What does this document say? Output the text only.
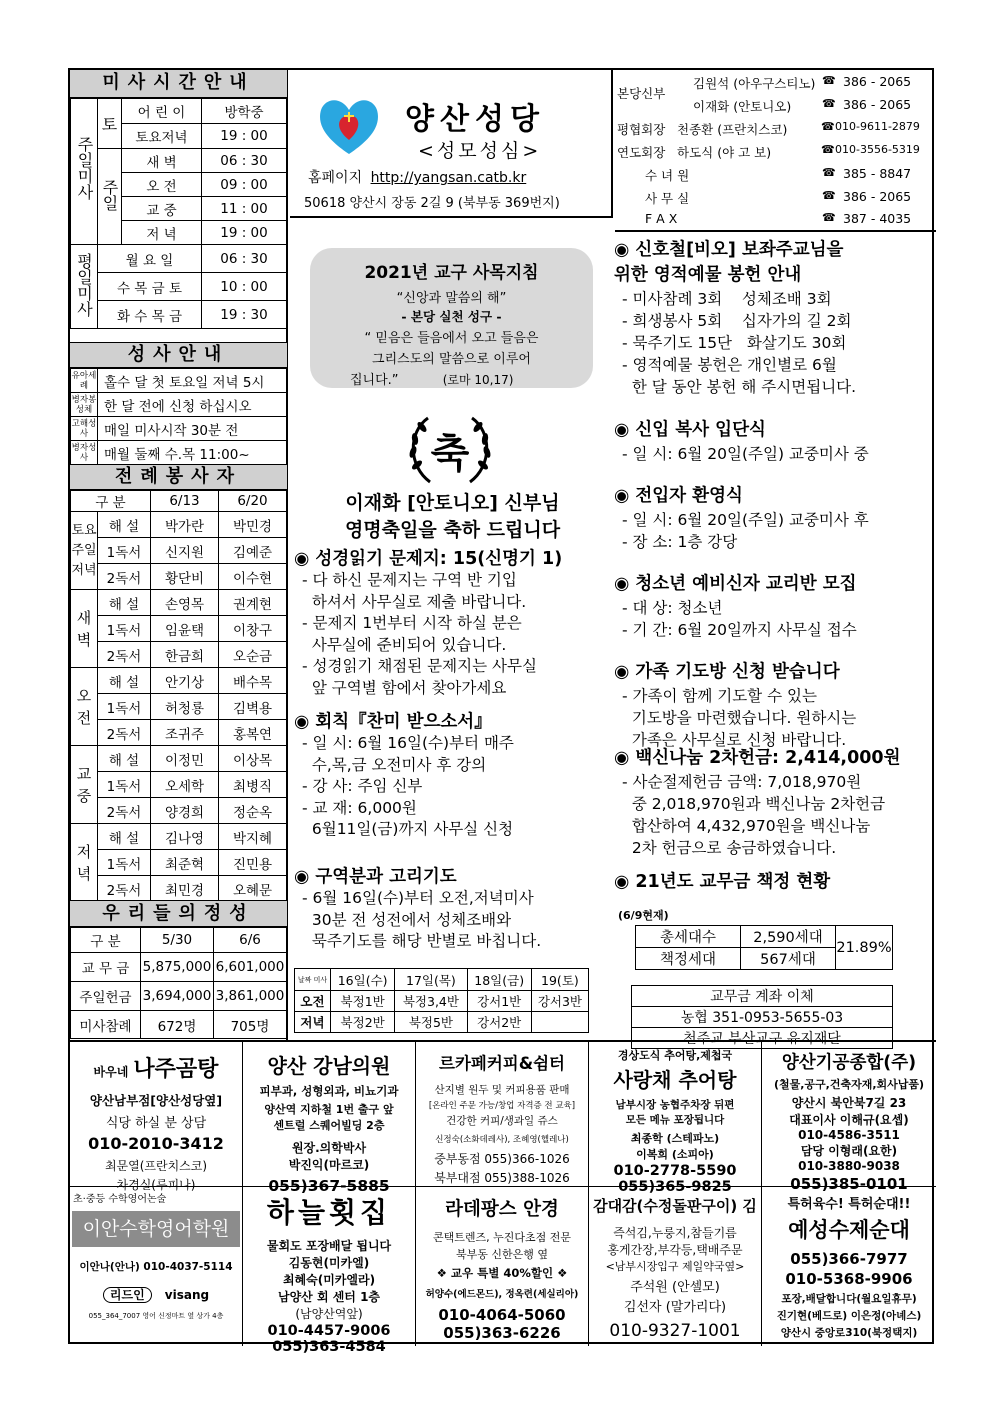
미사시간안내
주일미사	토	어 린 이	방학중
		토요저녁	19 : 00
	주일	새 벽	06 : 30
		오 전	09 : 00
		교 중	11 : 00
		저 녁	19 : 00
평일미사	월 요 일		06 : 30
	수 목 금 토		10 : 00
	화 수 목 금		19 : 30
성사안내
유아세례	홀수 달 첫 토요일 저녁 5시
병자봉성체	한 달 전에 신청 하십시오
고해성사	매일 미사시작 30분 전
병자성사	매월 둘째 수.목 11:00~
전례봉사자
구 분		6/13	6/20
토요주일저녁	해 설	박가란	박민경
	1독서	신지원	김예준
	2독서	황단비	이수현
새벽	해 설	손영목	권계현
	1독서	임윤택	이창구
	2독서	한금희	오순금
오전	해 설	안기상	배수목
	1독서	허청룡	김벽용
	2독서	조귀주	홍복연
교중	해 설	이정민	이상목
	1독서	오세학	최병직
	2독서	양경희	정순옥
저녁	해 설	김나영	박지혜
	1독서	최준혁	진민용
	2독서	최민경	오혜문
우리들의정성
구 분	5/30	6/6
교 무 금	5,875,000	6,601,000
주일헌금	3,694,000	3,861,000
미사참례	672명	705명
양산성당
<성모성심>
홈페이지 http://yangsan.catb.kr
50618 양산시 장동 2길 9 (북부동 369번지)
본당신부
김원석 (아우구스티노) ☎ 386 - 2065
이재화 (안토니오)	☎ 386 - 2065
평협회장 천종환 (프란치스코)	☎ 010-9611-2879
연도회장 하도식 (야 고 보)	☎ 010-3556-5319
수 녀 원	☎ 385 - 8847
사 무 실	☎ 386 - 2065
F A X	☎ 387 - 4035
2021년 교구 사목지침
“신앙과 말씀의 해”
- 본당 실천 성구 -
“ 믿음은 들음에서 오고 들음은
그리스도의 말씀으로 이루어
집니다.”	(로마 10,17)
축
이재화 [안토니오] 신부님
영명축일을 축하 드립니다
◉ 성경읽기 문제지: 15(신명기 1)
- 다 하신 문제지는 구역 반 기입
하셔서 사무실로 제출 바랍니다.
- 문제지 1번부터 시작 하실 분은
사무실에 준비되어 있습니다.
- 성경읽기 채점된 문제지는 사무실
앞 구역별 함에서 찾아가세요
◉ 회칙『찬미 받으소서』
- 일 시: 6월 16일(수)부터 매주
수,목,금 오전미사 후 강의
- 강 사: 주임 신부
- 교 재: 6,000원
6월11일(금)까지 사무실 신청
◉ 구역분과 고리기도
- 6월 16일(수)부터 오전,저녁미사
30분 전 성전에서 성체조배와
묵주기도를 해당 반별로 바칩니다.
날짜 미사	16일(수)	17일(목)	18일(금)	19(토)
오전	북정1반	북정3,4반	강서1반	강서3반
저녁	북정2반	북정5반	강서2반	
◉ 신호철[비오] 보좌주교님을
위한 영적예물 봉헌 안내
- 미사참례 3회    성체조배 3회
- 희생봉사 5회    십자가의 길 2회
- 묵주기도 15단   화살기도 30회
- 영적예물 봉헌은 개인별로 6월
한 달 동안 봉헌 해 주시면됩니다.
◉ 신입 복사 입단식
- 일 시: 6월 20일(주일) 교중미사 중
◉ 전입자 환영식
- 일 시: 6월 20일(주일) 교중미사 후
- 장 소: 1층 강당
◉ 청소년 예비신자 교리반 모집
- 대 상: 청소년
- 기 간: 6월 20일까지 사무실 접수
◉ 가족 기도방 신청 받습니다
- 가족이 함께 기도할 수 있는
기도방을 마련했습니다. 원하시는
가족은 사무실로 신청 바랍니다.
◉ 백신나눔 2차헌금: 2,414,000원
- 사순절제헌금 금액: 7,018,970원
중 2,018,970원과 백신나눔 2차헌금
합산하여 4,432,970원을 백신나눔
2차 헌금으로 송금하였습니다.
◉ 21년도 교무금 책정 현황
(6/9현재)
총세대수	2,590세대	21.89%
책정세대	567세대	
교무금 계좌 이체
농협 351-0953-5655-03
천주교 부산교구 유지재단
바우네 나주곰탕
양산남부점[양산성당옆]
식당 하실 분 상담
010-2010-3412
최문열(프란치스코)
차경실(루피나)
양산 강남의원
피부과, 성형외과, 비뇨기과
양산역 지하철 1번 출구 앞
센트럴 스퀘어빌딩 2층
원장.의학박사
박진익(마르코)
055)367-5885
르카페커피&쉼터
산지별 원두 및 커피용품 판매
[온라인 주문 가능/창업 자격증 전 교육]
건강한 커피/생과일 쥬스
신정숙(소화데레사), 조혜영(헬레나)
중부동점 055)366-1026
북부대점 055)388-1026
경상도식 추어탕,제첩국
사랑채 추어탕
남부시장 농협주차장 뒤편
모든 메뉴 포장됩니다
최종학 (스테파노)
이복희 (소피아)
010-2778-5590
055)365-9825
양산기공종합(주)
(철물,공구,건축자재,회사납품)
양산시 북안북7길 23
대표이사 이해규(요셉)
010-4586-3511
담당 이형래(요한)
010-3880-9038
055)385-0101
초·중등 수학영어논술
이안수학영어학원
이안나(안나) 010-4037-5114
리드인 visang
055_364_7007 영어 신정마트 옆 상가 4층
하늘횟집
물회도 포장배달 됩니다
김동현(미카엘)
최혜숙(미카엘라)
남양산 회 센터 1층
(남양산역앞)
010-4457-9006
055)363-4584
라데팡스 안경
콘택트렌즈, 누진다초점 전문
북부동 신한은행 옆
❖ 교우 특별 40%할인 ❖
허양수(에드몬드), 정옥련(세실리아)
010-4064-5060
055)363-6226
감대감(수정돌판구이) 김
즉석김,누룽지,참들기름
홍게간장,부각등,택배주문
<남부시장입구 제일약국옆>
주석원 (안셀모)
김선자 (말가리다)
010-9327-1001
특허육수! 특허순대!!
예성수제순대
055)366-7977
010-5368-9906
포장,배달합니다(월요일휴무)
진기현(베드로) 이은정(아녜스)
양산시 중앙로310(북정택지)
